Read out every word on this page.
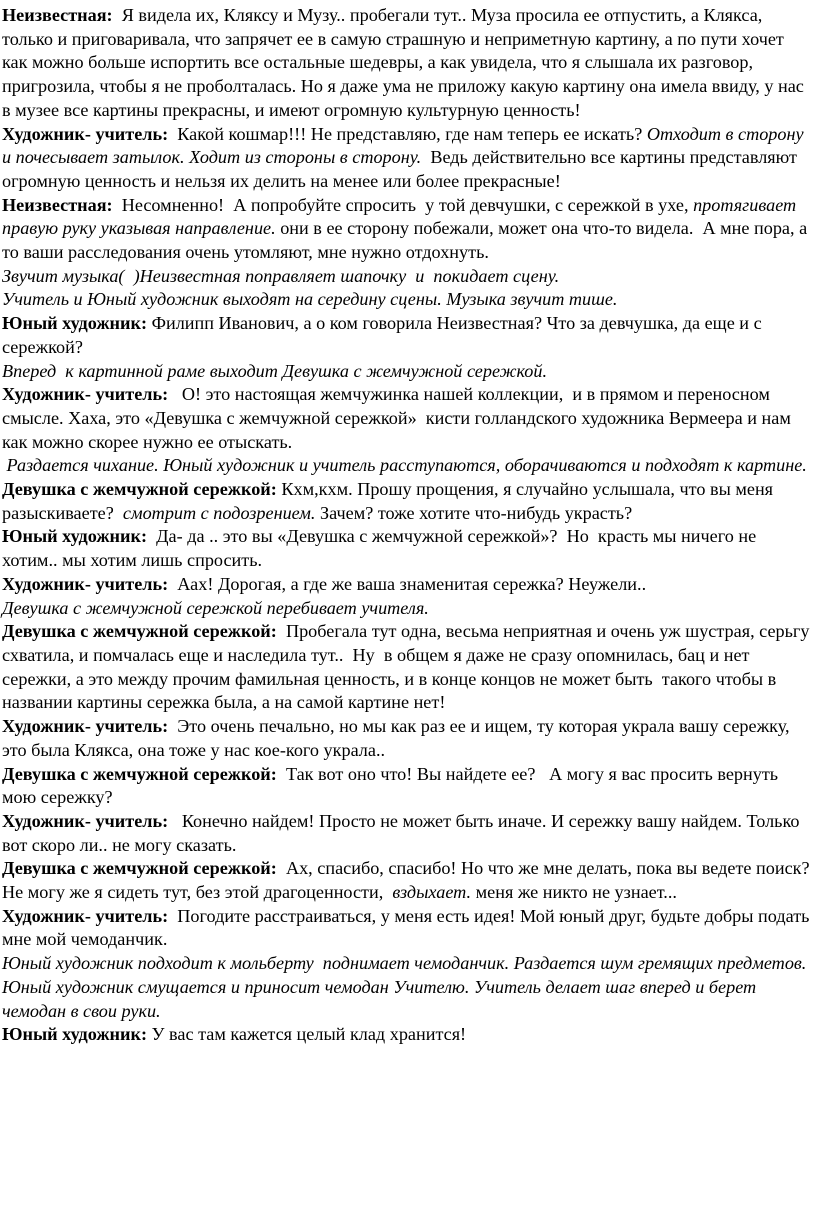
Неизвестная:  Я видела их, Кляксу и Музу.. пробегали тут.. Муза просила ее отпустить, а Клякса, только и приговаривала, что запрячет ее в самую страшную и неприметную картину, а по пути хочет как можно больше испортить все остальные шедевры, а как увидела, что я слышала их разговор, пригрозила, чтобы я не проболталась. Но я даже ума не приложу какую картину она имела ввиду, у нас в музее все картины прекрасны, и имеют огромную культурную ценность!
Художник- учитель:  Какой кошмар!!! Не представляю, где нам теперь ее искать? Отходит в сторону и почесывает затылок. Ходит из стороны в сторону.  Ведь действительно все картины представляют огромную ценность и нельзя их делить на менее или более прекрасные!
Неизвестная:  Несомненно!  А попробуйте спросить  у той девчушки, с сережкой в ухе, протягивает правую руку указывая направление. они в ее сторону побежали, может она что-то видела.  А мне пора, а то ваши расследования очень утомляют, мне нужно отдохнуть.
Звучит музыка(  )Неизвестная поправляет шапочку  и  покидает сцену.
Учитель и Юный художник выходят на середину сцены. Музыка звучит тише.
Юный художник: Филипп Иванович, а о ком говорила Неизвестная? Что за девчушка, да еще и с сережкой?
Вперед  к картинной раме выходит Девушка с жемчужной сережкой.
Художник- учитель:   О! это настоящая жемчужинка нашей коллекции,  и в прямом и переносном смысле. Хаха, это «Девушка с жемчужной сережкой»  кисти голландского художника Вермеера и нам как можно скорее нужно ее отыскать.
Раздается чихание. Юный художник и учитель расступаются, оборачиваются и подходят к картине.
Девушка с жемчужной сережкой: Кхм,кхм. Прошу прощения, я случайно услышала, что вы меня разыскиваете?  смотрит с подозрением. Зачем? тоже хотите что-нибудь украсть?
Юный художник:  Да- да .. это вы «Девушка с жемчужной сережкой»?  Но  красть мы ничего не хотим.. мы хотим лишь спросить.
Художник- учитель:  Аах! Дорогая, а где же ваша знаменитая сережка? Неужели..
Девушка с жемчужной сережкой перебивает учителя.
Девушка с жемчужной сережкой:  Пробегала тут одна, весьма неприятная и очень уж шустрая, серьгу схватила, и помчалась еще и наследила тут..  Ну  в общем я даже не сразу опомнилась, бац и нет сережки, а это между прочим фамильная ценность, и в конце концов не может быть  такого чтобы в названии картины сережка была, а на самой картине нет!
Художник- учитель:  Это очень печально, но мы как раз ее и ищем, ту которая украла вашу сережку, это была Клякса, она тоже у нас кое-кого украла..
Девушка с жемчужной сережкой:  Так вот оно что! Вы найдете ее?   А могу я вас просить вернуть мою сережку?
Художник- учитель:   Конечно найдем! Просто не может быть иначе. И сережку вашу найдем. Только вот скоро ли.. не могу сказать.
Девушка с жемчужной сережкой:  Ах, спасибо, спасибо! Но что же мне делать, пока вы ведете поиск? Не могу же я сидеть тут, без этой драгоценности,  вздыхает. меня же никто не узнает...
Художник- учитель:  Погодите расстраиваться, у меня есть идея! Мой юный друг, будьте добры подать мне мой чемоданчик.
Юный художник подходит к мольберту  поднимает чемоданчик. Раздается шум гремящих предметов. Юный художник смущается и приносит чемодан Учителю. Учитель делает шаг вперед и берет чемодан в свои руки.
Юный художник: У вас там кажется целый клад хранится!
